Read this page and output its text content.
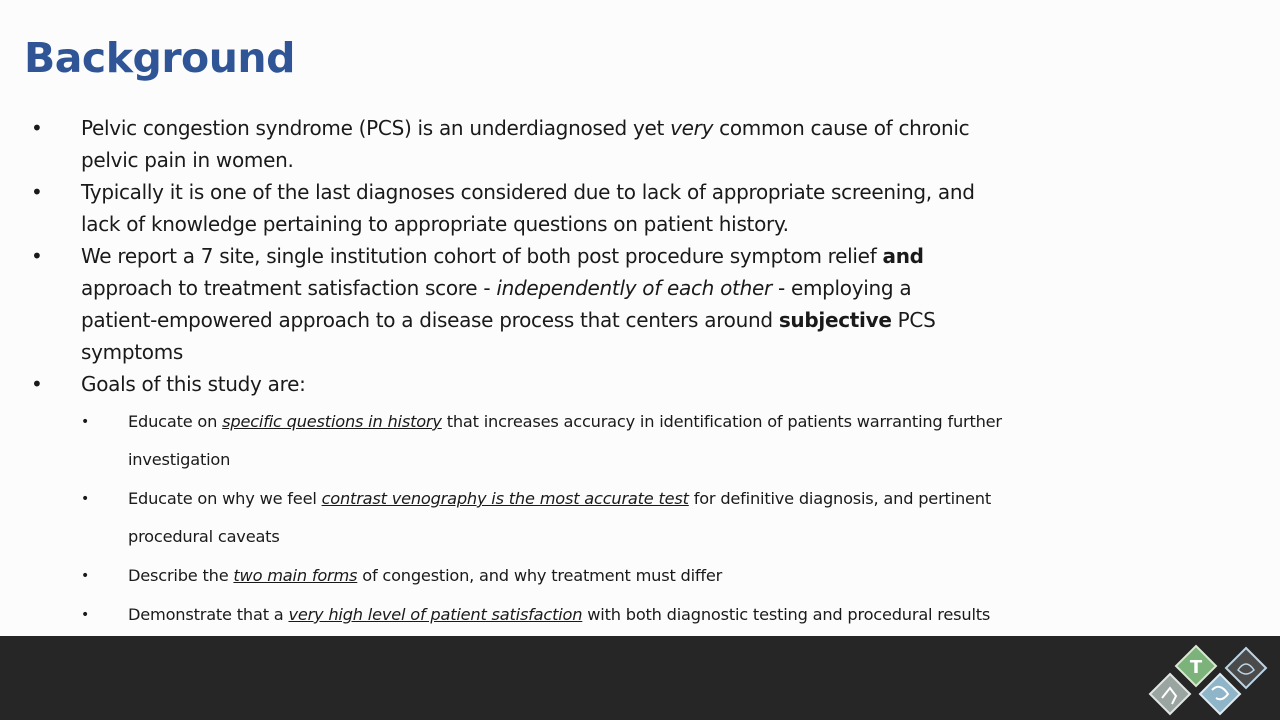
Background
• Pelvic congestion syndrome (PCS) is an underdiagnosed yet very common cause of chronic
pelvic pain in women.
• Typically it is one of the last diagnoses considered due to lack of appropriate screening, and
lack of knowledge pertaining to appropriate questions on patient history.
• We report a 7 site, single institution cohort of both post procedure symptom relief and
approach to treatment satisfaction score - independently of each other - employing a
patient-empowered approach to a disease process that centers around subjective PCS
symptoms
• Goals of this study are:
• Educate on specific questions in history that increases accuracy in identification of patients warranting further
investigation
• Educate on why we feel contrast venography is the most accurate test for definitive diagnosis, and pertinent
procedural caveats
• Describe the two main forms of congestion, and why treatment must differ
• Demonstrate that a very high level of patient satisfaction with both diagnostic testing and procedural results
T
